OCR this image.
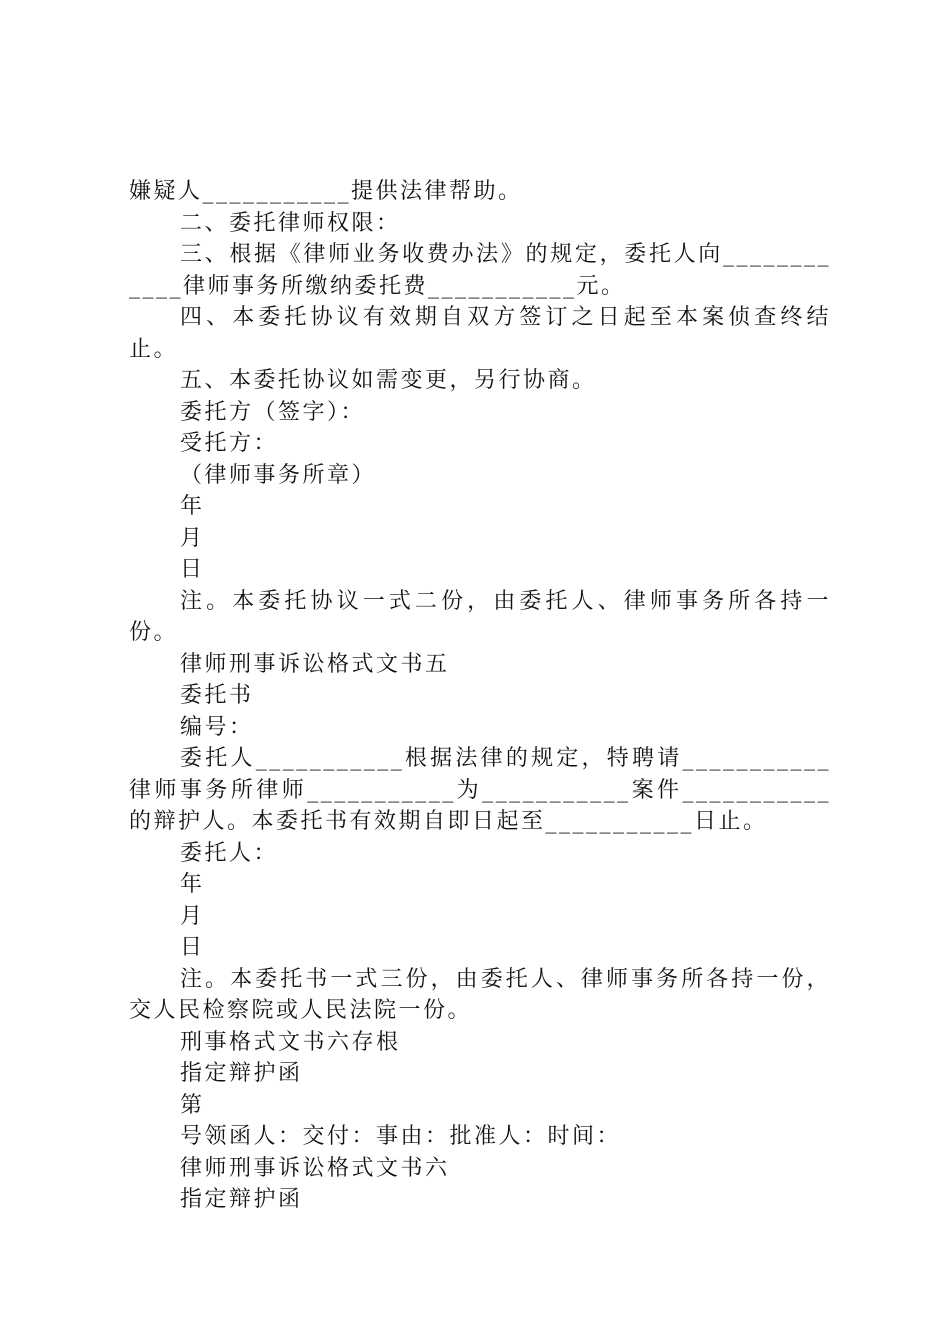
嫌疑人___________提供法律帮助。

二、委托律师权限：

三、根据《律师业务收费办法》的规定，委托人向____________律师事务所缴纳委托费___________元。

四、本委托协议有效期自双方签订之日起至本案侦查终结止。

五、本委托协议如需变更，另行协商。

委托方（签字）：

受托方：

（律师事务所章）

年

月

日

注。本委托协议一式二份，由委托人、律师事务所各持一份。

律师刑事诉讼格式文书五

委托书

编号：

委托人___________根据法律的规定，特聘请___________律师事务所律师___________为___________案件___________的辩护人。本委托书有效期自即日起至___________日止。

委托人：

年

月

日

注。本委托书一式三份，由委托人、律师事务所各持一份，交人民检察院或人民法院一份。

刑事格式文书六存根

指定辩护函

第

号领函人：交付：事由：批准人：时间：

律师刑事诉讼格式文书六

指定辩护函
